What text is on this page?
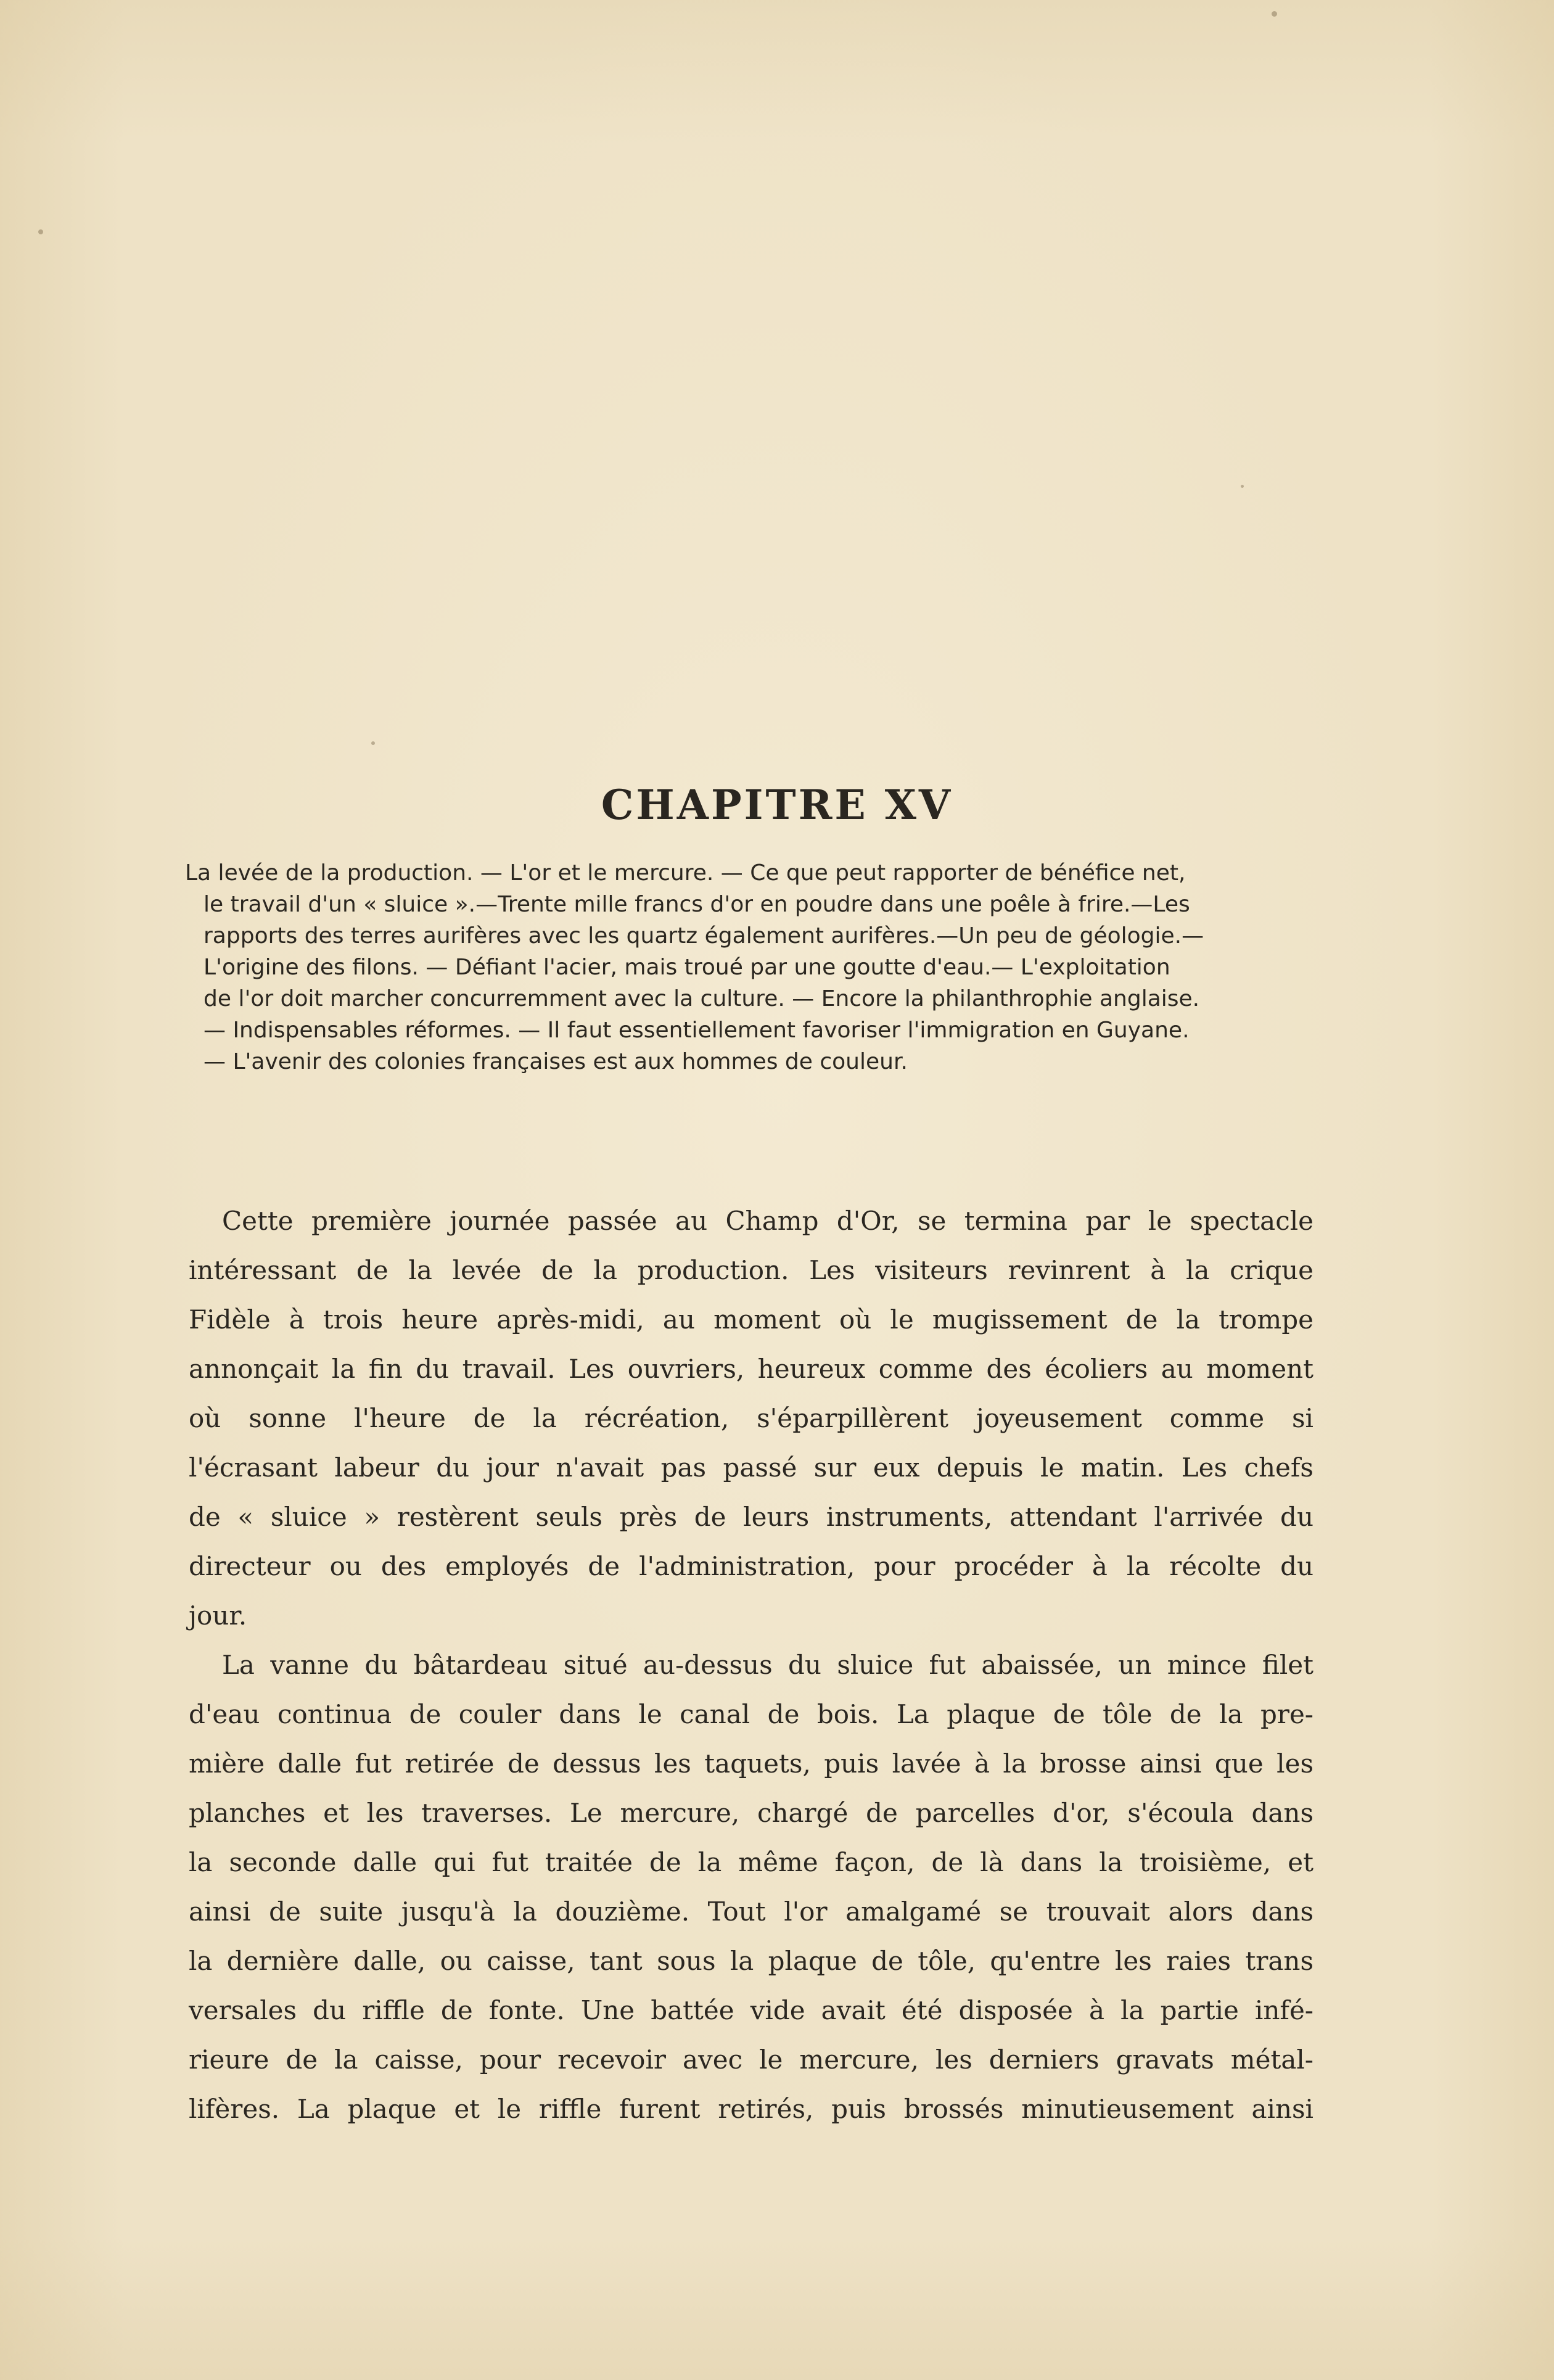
CHAPITRE XV
La levée de la production. — L'or et le mercure. — Ce que peut rapporter de bénéfice net,
le travail d'un « sluice ».—Trente mille francs d'or en poudre dans une poêle à frire.—Les
rapports des terres aurifères avec les quartz également aurifères.—Un peu de géologie.—
L'origine des filons. — Défiant l'acier, mais troué par une goutte d'eau.— L'exploitation
de l'or doit marcher concurremment avec la culture. — Encore la philanthrophie anglaise.
— Indispensables réformes. — Il faut essentiellement favoriser l'immigration en Guyane.
— L'avenir des colonies françaises est aux hommes de couleur.
Cette première journée passée au Champ d'Or, se termina par le spectacle
intéressant de la levée de la production. Les visiteurs revinrent à la crique
Fidèle à trois heure après-midi, au moment où le mugissement de la trompe
annonçait la fin du travail. Les ouvriers, heureux comme des écoliers au moment
où sonne l'heure de la récréation, s'éparpillèrent joyeusement comme si
l'écrasant labeur du jour n'avait pas passé sur eux depuis le matin. Les chefs
de « sluice » restèrent seuls près de leurs instruments, attendant l'arrivée du
directeur ou des employés de l'administration, pour procéder à la récolte du
jour.
La vanne du bâtardeau situé au-dessus du sluice fut abaissée, un mince filet
d'eau continua de couler dans le canal de bois. La plaque de tôle de la pre-
mière dalle fut retirée de dessus les taquets, puis lavée à la brosse ainsi que les
planches et les traverses. Le mercure, chargé de parcelles d'or, s'écoula dans
la seconde dalle qui fut traitée de la même façon, de là dans la troisième, et
ainsi de suite jusqu'à la douzième. Tout l'or amalgamé se trouvait alors dans
la dernière dalle, ou caisse, tant sous la plaque de tôle, qu'entre les raies trans
versales du riffle de fonte. Une battée vide avait été disposée à la partie infé-
rieure de la caisse, pour recevoir avec le mercure, les derniers gravats métal-
lifères. La plaque et le riffle furent retirés, puis brossés minutieusement ainsi
